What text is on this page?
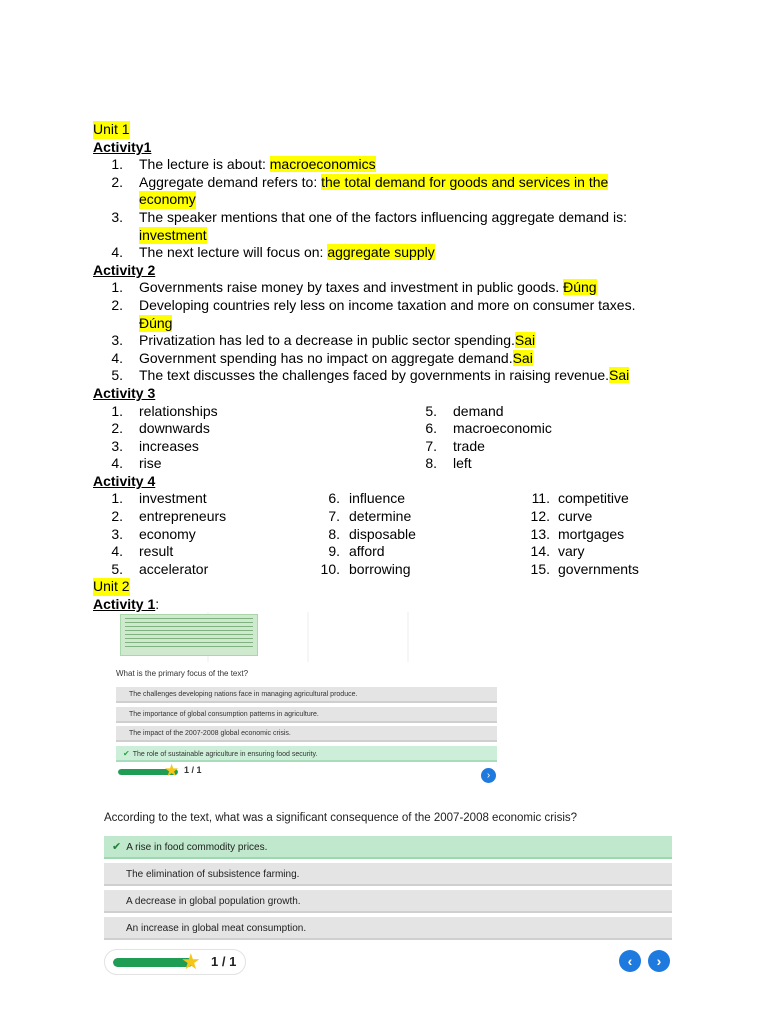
Unit 1
Activity1
1. The lecture is about: macroeconomics
2. Aggregate demand refers to: the total demand for goods and services in the
economy
3. The speaker mentions that one of the factors influencing aggregate demand is:
investment
4. The next lecture will focus on: aggregate supply
Activity 2
1. Governments raise money by taxes and investment in public goods. Đúng
2. Developing countries rely less on income taxation and more on consumer taxes.
Đúng
3. Privatization has led to a decrease in public sector spending.Sai
4. Government spending has no impact on aggregate demand.Sai
5. The text discusses the challenges faced by governments in raising revenue.Sai
Activity 3
1. relationships	5. demand
2. downwards	6. macroeconomic
3. increases	7. trade
4. rise	8. left
Activity 4
1. investment	6. influence	11. competitive
2. entrepreneurs	7. determine	12. curve
3. economy	8. disposable	13. mortgages
4. result	9. afford	14. vary
5. accelerator	10. borrowing	15. governments
Unit 2
Activity 1:
What is the primary focus of the text?
The challenges developing nations face in managing agricultural produce.
The importance of global consumption patterns in agriculture.
The impact of the 2007-2008 global economic crisis.
✔ The role of sustainable agriculture in ensuring food security.
★ 1 / 1	›
According to the text, what was a significant consequence of the 2007-2008 economic crisis?
✔ A rise in food commodity prices.
The elimination of subsistence farming.
A decrease in global population growth.
An increase in global meat consumption.
★ 1 / 1	‹	›
